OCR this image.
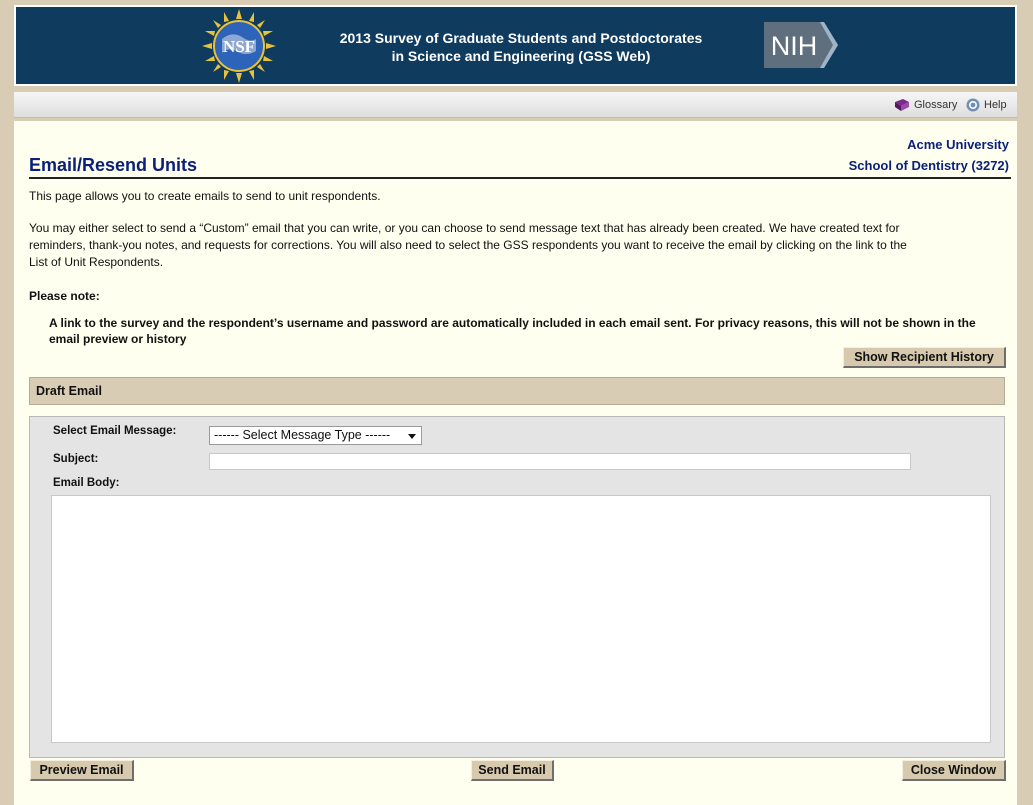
NSF	2013 Survey of Graduate Students and Postdoctorates
in Science and Engineering (GSS Web)	NIH
Glossary Help
Acme University
School of Dentistry (3272)
Email/Resend Units
This page allows you to create emails to send to unit respondents.
You may either select to send a “Custom” email that you can write, or you can choose to send message text that has already been created. We have created text for
reminders, thank-you notes, and requests for corrections. You will also need to select the GSS respondents you want to receive the email by clicking on the link to the
List of Unit Respondents.
Please note:
A link to the survey and the respondent’s username and password are automatically included in each email sent. For privacy reasons, this will not be shown in the email preview or history
Show Recipient History
Draft Email
Select Email Message:	------ Select Message Type ------
Subject:
Email Body:
Preview Email	Send Email	Close Window
